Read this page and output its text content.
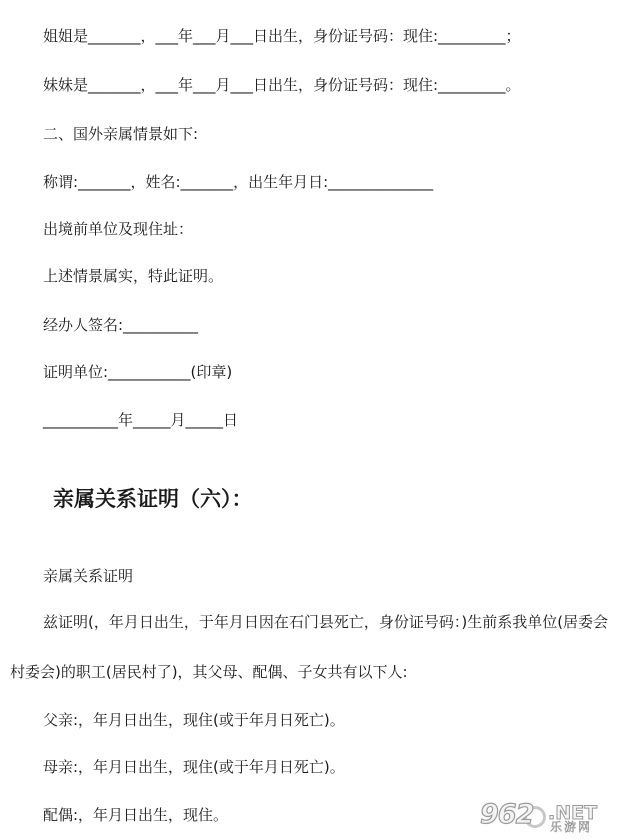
姐姐是_______，___年___月___日出生，身份证号码：现住:_________；
妹妹是_______，___年___月___日出生，身份证号码：现住:_________。
二、国外亲属情景如下:
称谓:_______，姓名:_______，出生年月日:______________
出境前单位及现住址：
上述情景属实，特此证明。
经办人签名:__________
证明单位:___________(印章)
__________年_____月_____日
亲属关系证明（六）：
亲属关系证明
兹证明(，年月日出生，于年月日因在石门县死亡，身份证号码：)生前系我单位(居委会
村委会)的职工(居民村了)，其父母、配偶、子女共有以下人:
父亲:，年月日出生，现住(或于年月日死亡)。
母亲:，年月日出生，现住(或于年月日死亡)。
配偶:，年月日出生，现住。	962 .NET
乐游网
